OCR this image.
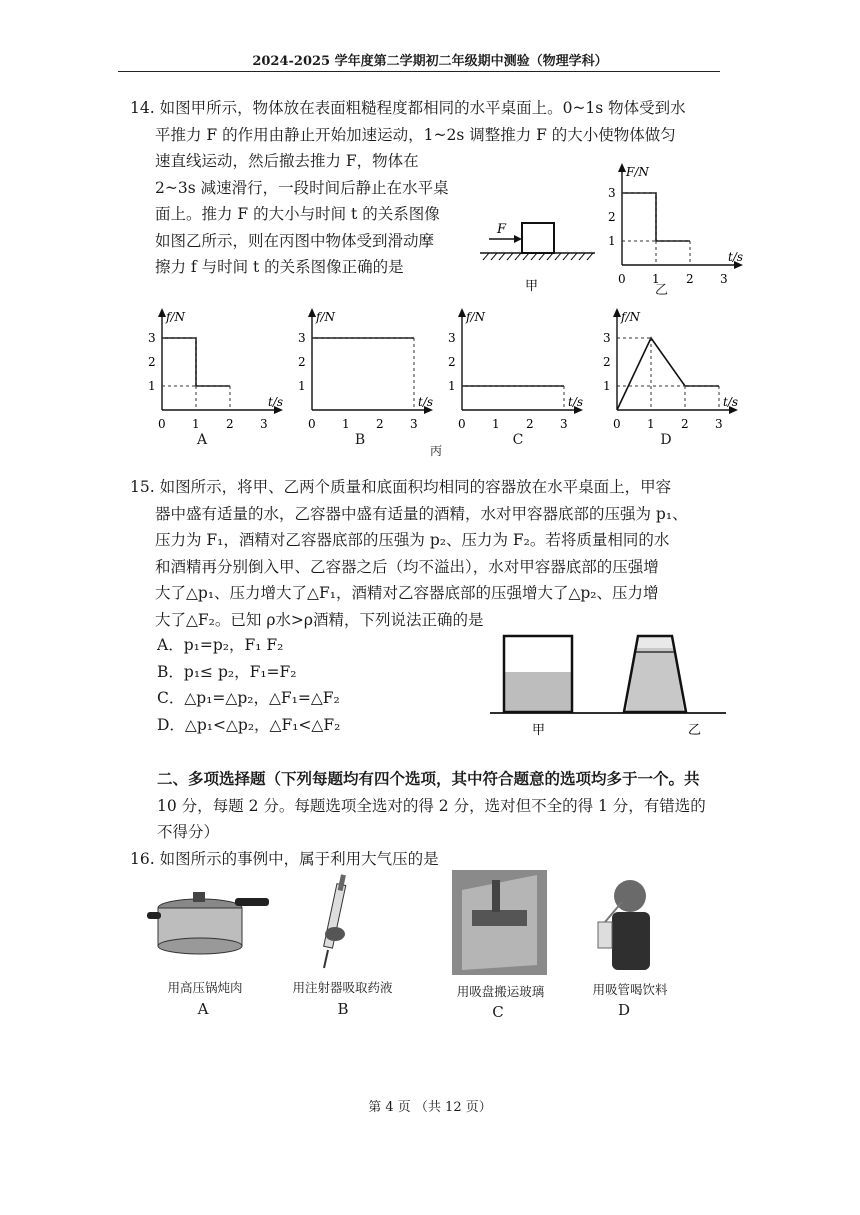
2024-2025 学年度第二学期初二年级期中测验（物理学科）
14. 如图甲所示，物体放在表面粗糙程度都相同的水平桌面上。0~1s 物体受到水
平推力 F 的作用由静止开始加速运动，1~2s 调整推力 F 的大小使物体做匀
速直线运动，然后撤去推力 F，物体在
2~3s 减速滑行，一段时间后静止在水平桌
面上。推力 F 的大小与时间 t 的关系图像
如图乙所示，则在丙图中物体受到滑动摩
擦力 f 与时间 t 的关系图像正确的是
F
甲
F/N
t/s
3
2
1
0 1 2 3
乙
f/N
t/s
3
2
1
0 1 2 3
f/N
t/s
3
2
1
0 1 2 3
f/N
t/s
3
2
1
0 1 2 3
f/N
t/s
3
2
1
0 1 2 3
A	B	C	D
丙
15. 如图所示，将甲、乙两个质量和底面积均相同的容器放在水平桌面上，甲容
器中盛有适量的水，乙容器中盛有适量的酒精，水对甲容器底部的压强为 p₁、
压力为 F₁，酒精对乙容器底部的压强为 p₂、压力为 F₂。若将质量相同的水
和酒精再分别倒入甲、乙容器之后（均不溢出），水对甲容器底部的压强增
大了△p₁、压力增大了△F₁，酒精对乙容器底部的压强增大了△p₂、压力增
大了△F₂。已知 ρ水>ρ酒精，下列说法正确的是
A．p₁=p₂，F₁ F₂
B．p₁≤ p₂，F₁=F₂
C．△p₁=△p₂，△F₁=△F₂
D．△p₁<△p₂，△F₁<△F₂	甲	乙
二、多项选择题（下列每题均有四个选项，其中符合题意的选项均多于一个。共
10 分，每题 2 分。每题选项全选对的得 2 分，选对但不全的得 1 分，有错选的
不得分）
16. 如图所示的事例中，属于利用大气压的是
用高压锅炖肉	用注射器吸取药液	用吸盘搬运玻璃	用吸管喝饮料
A	B	C	D
第 4 页 （共 12 页）
